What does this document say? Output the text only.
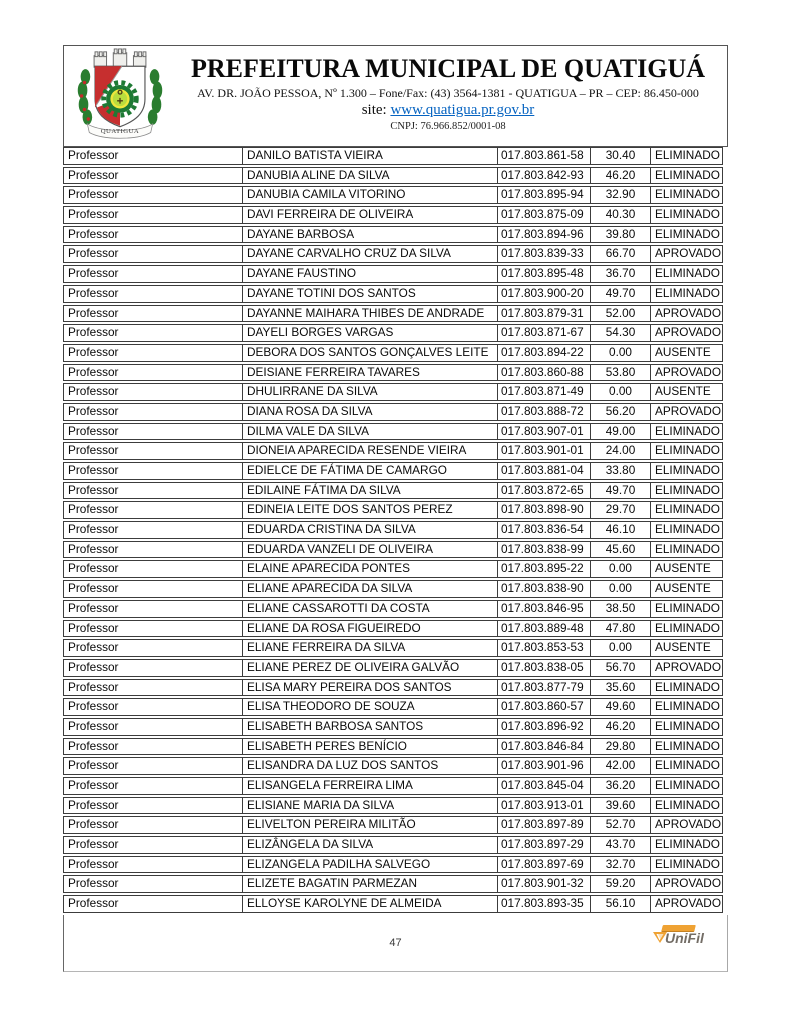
QUATIGUA
PREFEITURA MUNICIPAL DE QUATIGUÁ
AV. DR. JOÃO PESSOA, Nº 1.300 – Fone/Fax: (43) 3564-1381 - QUATIGUA – PR – CEP: 86.450-000
site: www.quatigua.pr.gov.br
CNPJ: 76.966.852/0001-08
Professor	DANILO BATISTA VIEIRA	017.803.861-58	30.40	ELIMINADO
Professor	DANUBIA ALINE DA SILVA	017.803.842-93	46.20	ELIMINADO
Professor	DANUBIA CAMILA VITORINO	017.803.895-94	32.90	ELIMINADO
Professor	DAVI FERREIRA DE OLIVEIRA	017.803.875-09	40.30	ELIMINADO
Professor	DAYANE BARBOSA	017.803.894-96	39.80	ELIMINADO
Professor	DAYANE CARVALHO CRUZ DA SILVA	017.803.839-33	66.70	APROVADO
Professor	DAYANE FAUSTINO	017.803.895-48	36.70	ELIMINADO
Professor	DAYANE TOTINI DOS SANTOS	017.803.900-20	49.70	ELIMINADO
Professor	DAYANNE MAIHARA THIBES DE ANDRADE	017.803.879-31	52.00	APROVADO
Professor	DAYELI BORGES VARGAS	017.803.871-67	54.30	APROVADO
Professor	DEBORA DOS SANTOS GONÇALVES LEITE	017.803.894-22	0.00	AUSENTE
Professor	DEISIANE FERREIRA TAVARES	017.803.860-88	53.80	APROVADO
Professor	DHULIRRANE DA SILVA	017.803.871-49	0.00	AUSENTE
Professor	DIANA ROSA DA SILVA	017.803.888-72	56.20	APROVADO
Professor	DILMA VALE DA SILVA	017.803.907-01	49.00	ELIMINADO
Professor	DIONEIA APARECIDA RESENDE VIEIRA	017.803.901-01	24.00	ELIMINADO
Professor	EDIELCE DE FÁTIMA DE CAMARGO	017.803.881-04	33.80	ELIMINADO
Professor	EDILAINE FÁTIMA DA SILVA	017.803.872-65	49.70	ELIMINADO
Professor	EDINEIA LEITE DOS SANTOS PEREZ	017.803.898-90	29.70	ELIMINADO
Professor	EDUARDA CRISTINA DA SILVA	017.803.836-54	46.10	ELIMINADO
Professor	EDUARDA VANZELI DE OLIVEIRA	017.803.838-99	45.60	ELIMINADO
Professor	ELAINE APARECIDA PONTES	017.803.895-22	0.00	AUSENTE
Professor	ELIANE APARECIDA DA SILVA	017.803.838-90	0.00	AUSENTE
Professor	ELIANE CASSAROTTI DA COSTA	017.803.846-95	38.50	ELIMINADO
Professor	ELIANE DA ROSA FIGUEIREDO	017.803.889-48	47.80	ELIMINADO
Professor	ELIANE FERREIRA DA SILVA	017.803.853-53	0.00	AUSENTE
Professor	ELIANE PEREZ DE OLIVEIRA GALVÃO	017.803.838-05	56.70	APROVADO
Professor	ELISA MARY PEREIRA DOS SANTOS	017.803.877-79	35.60	ELIMINADO
Professor	ELISA THEODORO DE SOUZA	017.803.860-57	49.60	ELIMINADO
Professor	ELISABETH BARBOSA SANTOS	017.803.896-92	46.20	ELIMINADO
Professor	ELISABETH PERES BENÍCIO	017.803.846-84	29.80	ELIMINADO
Professor	ELISANDRA DA LUZ DOS SANTOS	017.803.901-96	42.00	ELIMINADO
Professor	ELISANGELA FERREIRA LIMA	017.803.845-04	36.20	ELIMINADO
Professor	ELISIANE MARIA DA SILVA	017.803.913-01	39.60	ELIMINADO
Professor	ELIVELTON PEREIRA MILITÃO	017.803.897-89	52.70	APROVADO
Professor	ELIZÂNGELA DA SILVA	017.803.897-29	43.70	ELIMINADO
Professor	ELIZANGELA PADILHA SALVEGO	017.803.897-69	32.70	ELIMINADO
Professor	ELIZETE BAGATIN PARMEZAN	017.803.901-32	59.20	APROVADO
Professor	ELLOYSE KAROLYNE DE ALMEIDA	017.803.893-35	56.10	APROVADO
47	UniFil
